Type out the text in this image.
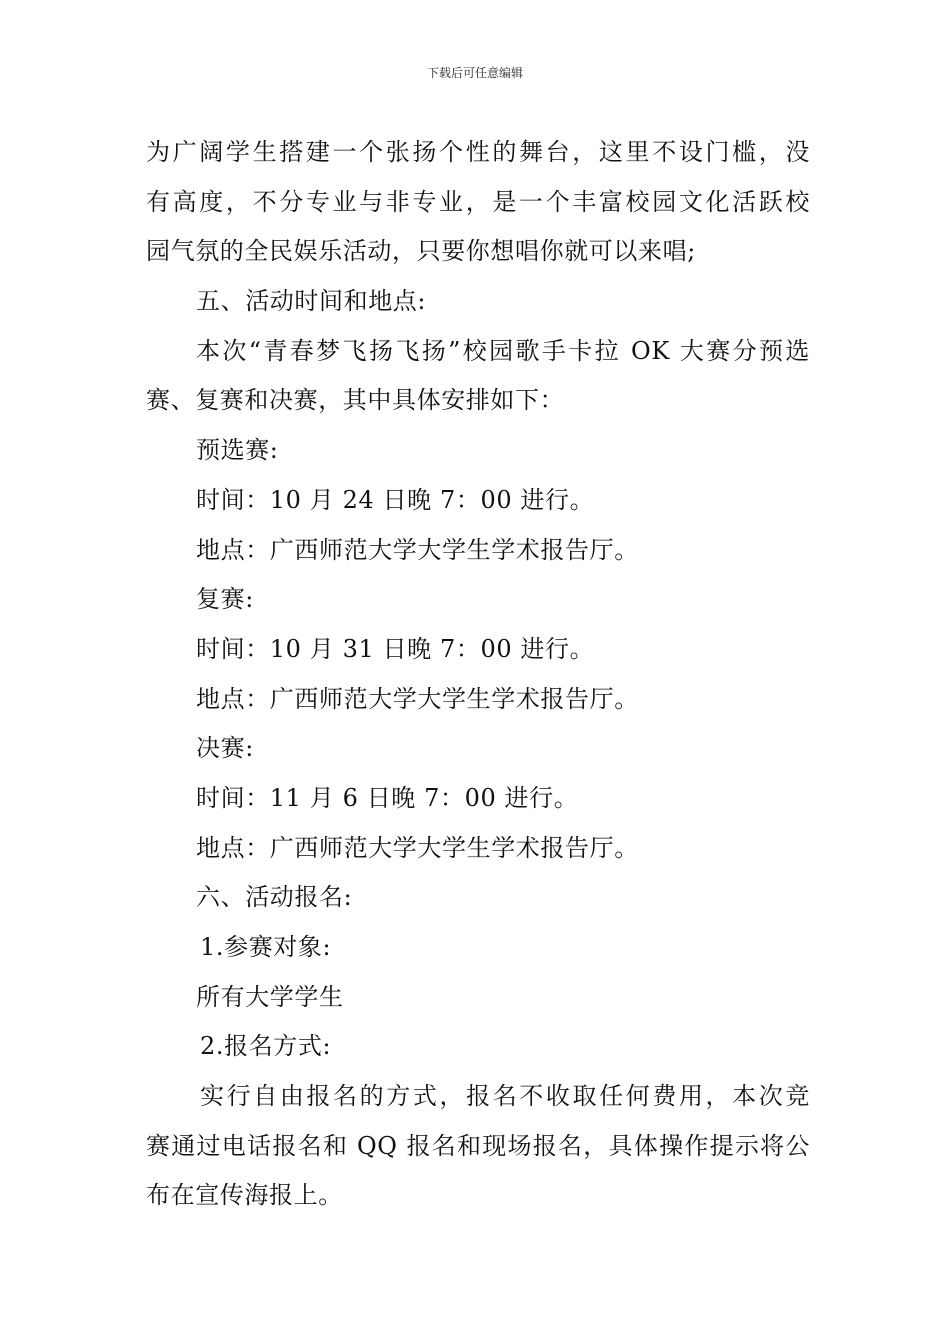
下载后可任意编辑
为广阔学生搭建一个张扬个性的舞台，这里不设门槛，没
有高度，不分专业与非专业，是一个丰富校园文化活跃校
园气氛的全民娱乐活动，只要你想唱你就可以来唱;
五、活动时间和地点:
本次“青春梦飞扬飞扬”校园歌手卡拉 OK 大赛分预选
赛、复赛和决赛，其中具体安排如下：
预选赛:
时间：10 月 24 日晚 7：00 进行。
地点：广西师范大学大学生学术报告厅。
复赛:
时间：10 月 31 日晚 7：00 进行。
地点：广西师范大学大学生学术报告厅。
决赛:
时间：11 月 6 日晚 7：00 进行。
地点：广西师范大学大学生学术报告厅。
六、活动报名:
1.参赛对象:
所有大学学生
2.报名方式:
实行自由报名的方式，报名不收取任何费用，本次竞
赛通过电话报名和 QQ 报名和现场报名，具体操作提示将公
布在宣传海报上。
